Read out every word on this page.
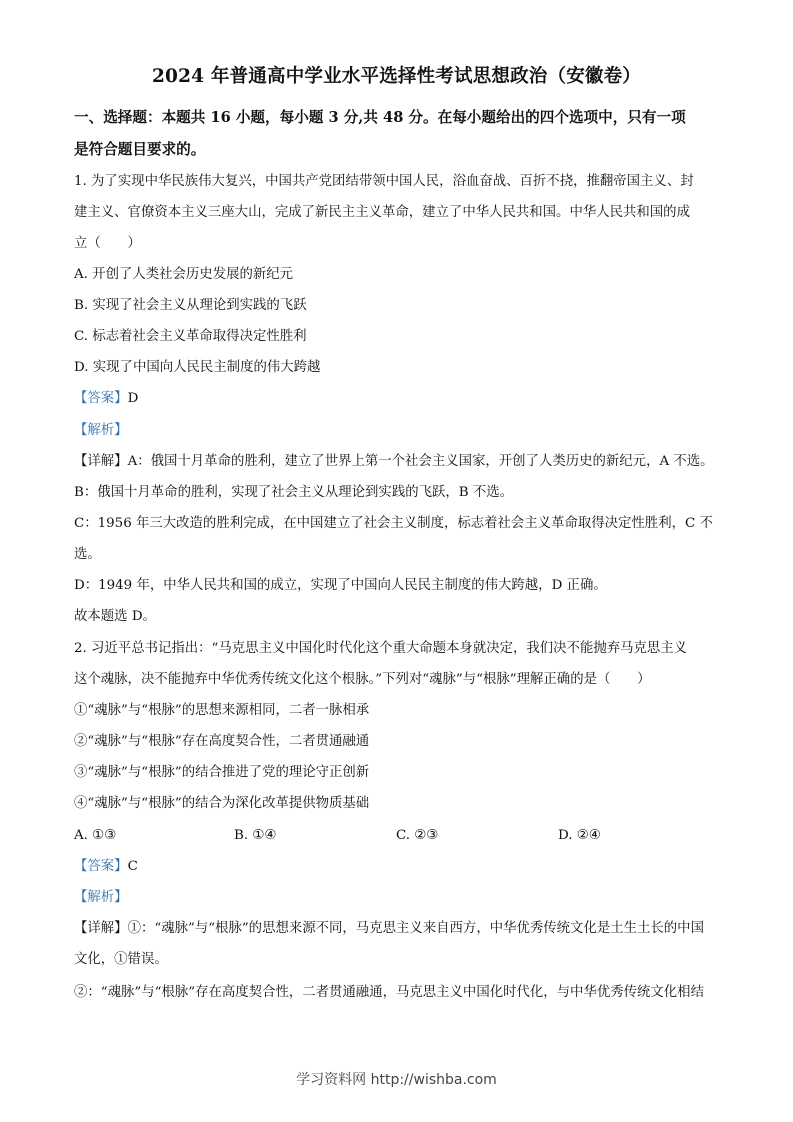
2024 年普通高中学业水平选择性考试思想政治（安徽卷）
一、选择题：本题共 16 小题，每小题 3 分,共 48 分。在每小题给出的四个选项中，只有一项
是符合题目要求的。
1. 为了实现中华民族伟大复兴，中国共产党团结带领中国人民，浴血奋战、百折不挠，推翻帝国主义、封
建主义、官僚资本主义三座大山，完成了新民主主义革命，建立了中华人民共和国。中华人民共和国的成
立（　　）
A. 开创了人类社会历史发展的新纪元
B. 实现了社会主义从理论到实践的飞跃
C. 标志着社会主义革命取得决定性胜利
D. 实现了中国向人民民主制度的伟大跨越
【答案】D
【解析】
【详解】A：俄国十月革命的胜利，建立了世界上第一个社会主义国家，开创了人类历史的新纪元，A 不选。
B：俄国十月革命的胜利，实现了社会主义从理论到实践的飞跃，B 不选。
C：1956 年三大改造的胜利完成，在中国建立了社会主义制度，标志着社会主义革命取得决定性胜利，C 不
选。
D：1949 年，中华人民共和国的成立，实现了中国向人民民主制度的伟大跨越，D 正确。
故本题选 D。
2. 习近平总书记指出：“马克思主义中国化时代化这个重大命题本身就决定，我们决不能抛弃马克思主义
这个魂脉，决不能抛弃中华优秀传统文化这个根脉。”下列对“魂脉”与“根脉”理解正确的是（　　）
①“魂脉”与“根脉”的思想来源相同，二者一脉相承
②“魂脉”与“根脉”存在高度契合性，二者贯通融通
③“魂脉”与“根脉”的结合推进了党的理论守正创新
④“魂脉”与“根脉”的结合为深化改革提供物质基础
A. ①③	B. ①④	C. ②③	D. ②④
【答案】C
【解析】
【详解】①：“魂脉”与“根脉”的思想来源不同，马克思主义来自西方，中华优秀传统文化是土生土长的中国
文化，①错误。
②：“魂脉”与“根脉”存在高度契合性，二者贯通融通，马克思主义中国化时代化，与中华优秀传统文化相结
学习资料网 http://wishba.com
